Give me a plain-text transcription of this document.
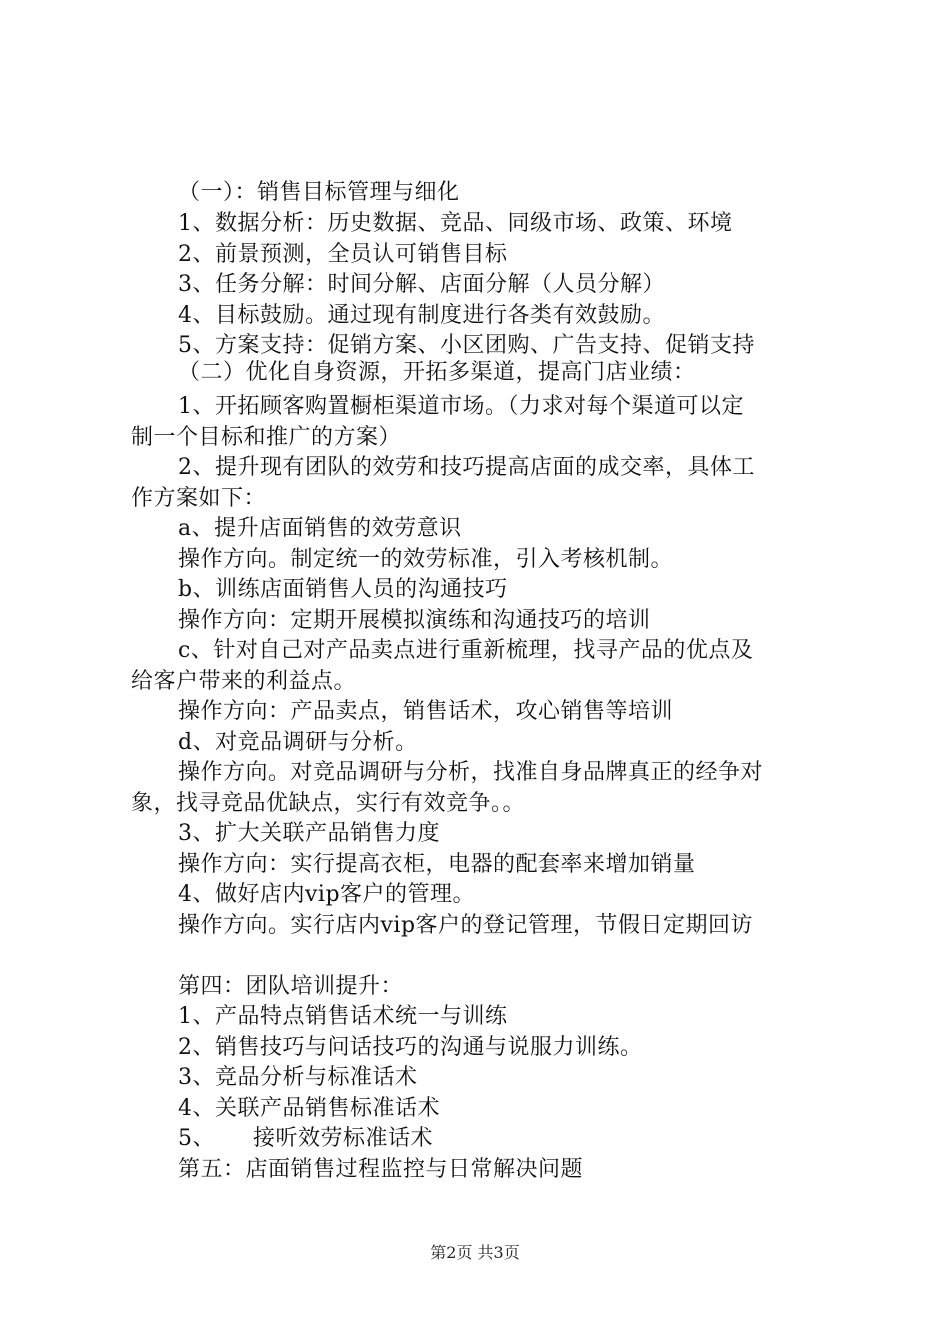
（一）：销售目标管理与细化
1、数据分析：历史数据、竞品、同级市场、政策、环境
2、前景预测，全员认可销售目标
3、任务分解：时间分解、店面分解（人员分解）
4、目标鼓励。通过现有制度进行各类有效鼓励。
5、方案支持：促销方案、小区团购、广告支持、促销支持
（二）优化自身资源，开拓多渠道，提高门店业绩：
1、开拓顾客购置橱柜渠道市场。（力求对每个渠道可以定
制一个目标和推广的方案）
2、提升现有团队的效劳和技巧提高店面的成交率，具体工
作方案如下：
a、提升店面销售的效劳意识
操作方向。制定统一的效劳标准，引入考核机制。
b、训练店面销售人员的沟通技巧
操作方向：定期开展模拟演练和沟通技巧的培训
c、针对自己对产品卖点进行重新梳理，找寻产品的优点及
给客户带来的利益点。
操作方向：产品卖点，销售话术，攻心销售等培训
d、对竞品调研与分析。
操作方向。对竞品调研与分析，找准自身品牌真正的经争对
象，找寻竞品优缺点，实行有效竞争。。
3、扩大关联产品销售力度
操作方向：实行提高衣柜，电器的配套率来增加销量
4、做好店内vip客户的管理。
操作方向。实行店内vip客户的登记管理，节假日定期回访
第四：团队培训提升：
1、产品特点销售话术统一与训练
2、销售技巧与问话技巧的沟通与说服力训练。
3、竞品分析与标准话术
4、关联产品销售标准话术
5、 接听效劳标准话术
第五：店面销售过程监控与日常解决问题
第2页 共3页
